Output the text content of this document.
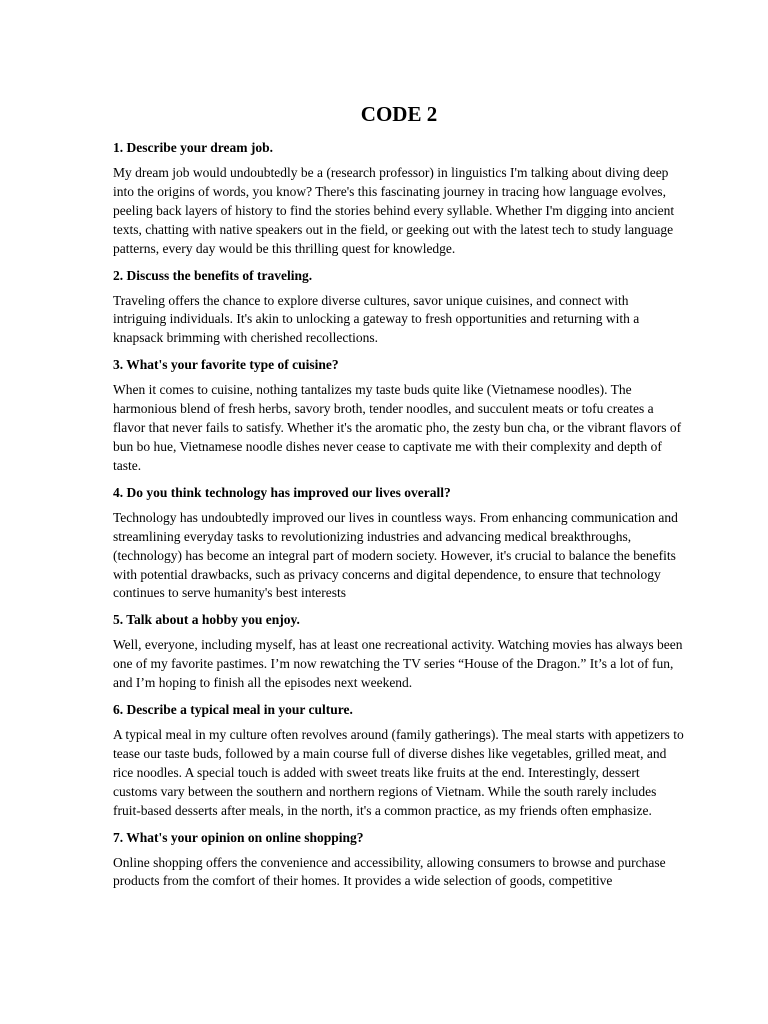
CODE 2

1. Describe your dream job.

My dream job would undoubtedly be a (research professor) in linguistics I'm talking about diving deep into the origins of words, you know? There's this fascinating journey in tracing how language evolves, peeling back layers of history to find the stories behind every syllable. Whether I'm digging into ancient texts, chatting with native speakers out in the field, or geeking out with the latest tech to study language patterns, every day would be this thrilling quest for knowledge.

2. Discuss the benefits of traveling.

Traveling offers the chance to explore diverse cultures, savor unique cuisines, and connect with intriguing individuals. It's akin to unlocking a gateway to fresh opportunities and returning with a knapsack brimming with cherished recollections.

3. What's your favorite type of cuisine?

When it comes to cuisine, nothing tantalizes my taste buds quite like (Vietnamese noodles). The harmonious blend of fresh herbs, savory broth, tender noodles, and succulent meats or tofu creates a flavor that never fails to satisfy. Whether it's the aromatic pho, the zesty bun cha, or the vibrant flavors of bun bo hue, Vietnamese noodle dishes never cease to captivate me with their complexity and depth of taste.

4. Do you think technology has improved our lives overall?

Technology has undoubtedly improved our lives in countless ways. From enhancing communication and streamlining everyday tasks to revolutionizing industries and advancing medical breakthroughs, (technology) has become an integral part of modern society. However, it's crucial to balance the benefits with potential drawbacks, such as privacy concerns and digital dependence, to ensure that technology continues to serve humanity's best interests

5. Talk about a hobby you enjoy.

Well, everyone, including myself, has at least one recreational activity. Watching movies has always been one of my favorite pastimes. I’m now rewatching the TV series “House of the Dragon.” It’s a lot of fun, and I’m hoping to finish all the episodes next weekend.

6. Describe a typical meal in your culture.

A typical meal in my culture often revolves around (family gatherings). The meal starts with appetizers to tease our taste buds, followed by a main course full of diverse dishes like vegetables, grilled meat, and rice noodles. A special touch is added with sweet treats like fruits at the end. Interestingly, dessert customs vary between the southern and northern regions of Vietnam. While the south rarely includes fruit-based desserts after meals, in the north, it's a common practice, as my friends often emphasize.

7. What's your opinion on online shopping?

Online shopping offers the convenience and accessibility, allowing consumers to browse and purchase products from the comfort of their homes. It provides a wide selection of goods, competitive
